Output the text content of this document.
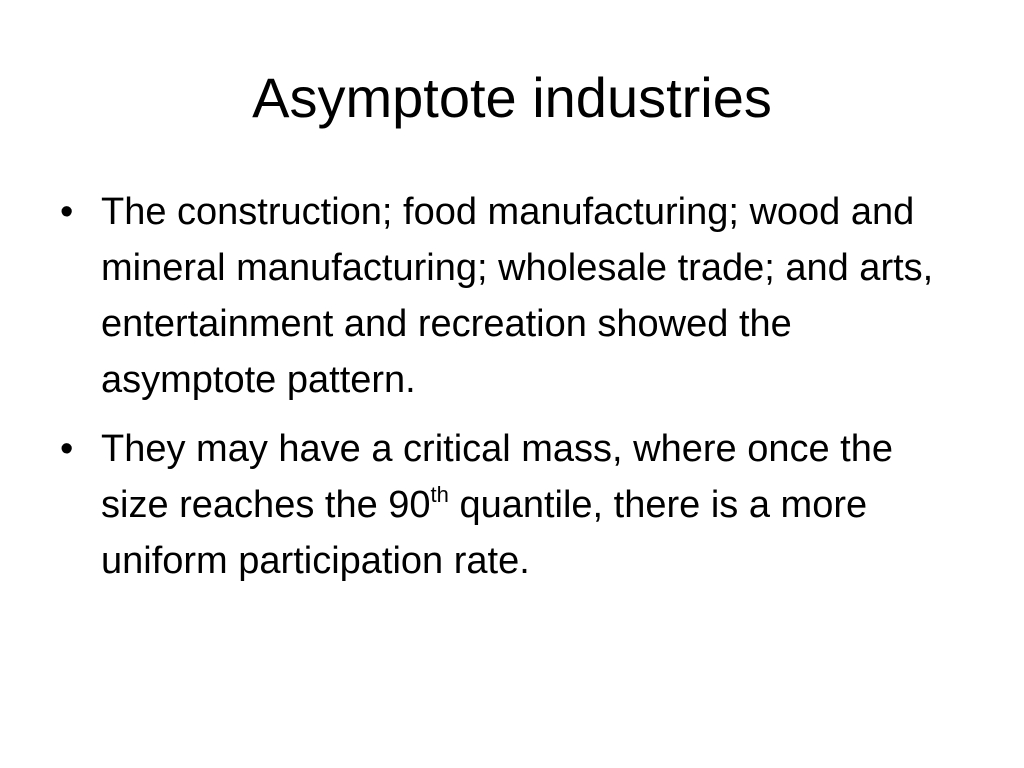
Asymptote industries
• The construction; food manufacturing; wood and mineral manufacturing; wholesale trade; and arts, entertainment and recreation showed the asymptote pattern.
• They may have a critical mass, where once the size reaches the 90th quantile, there is a more uniform participation rate.
